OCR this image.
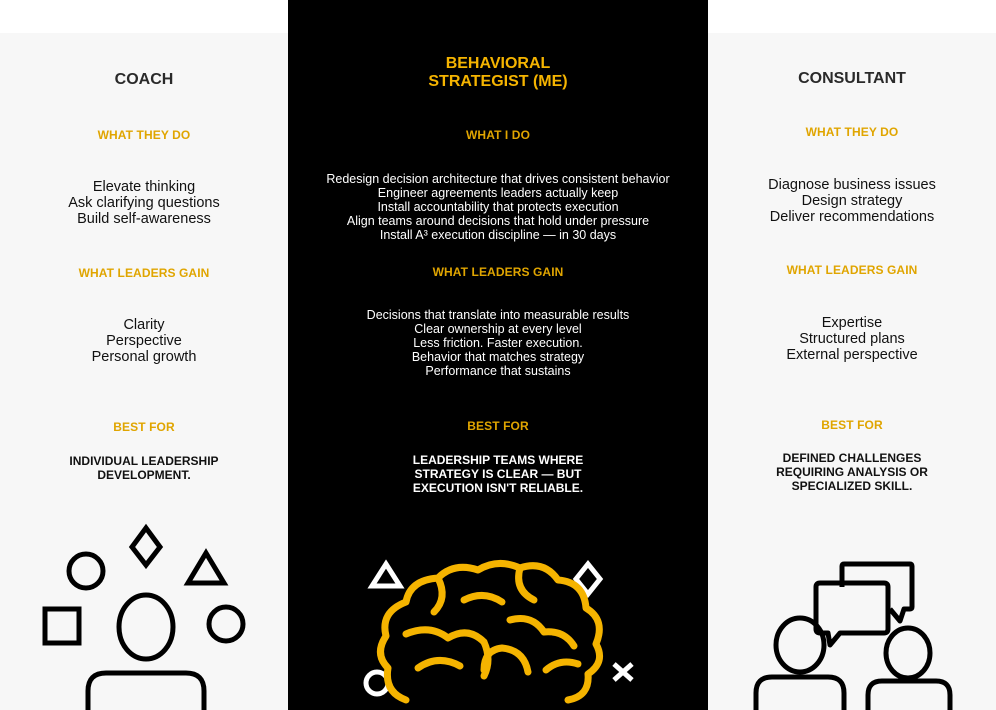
COACH
WHAT THEY DO
Elevate thinking
Ask clarifying questions
Build self-awareness
WHAT LEADERS GAIN
Clarity
Perspective
Personal growth
BEST FOR
INDIVIDUAL LEADERSHIP
DEVELOPMENT.
BEHAVIORAL
STRATEGIST (ME)
WHAT I DO
Redesign decision architecture that drives consistent behavior
Engineer agreements leaders actually keep
Install accountability that protects execution
Align teams around decisions that hold under pressure
Install A³ execution discipline — in 30 days
WHAT LEADERS GAIN
Decisions that translate into measurable results
Clear ownership at every level
Less friction. Faster execution.
Behavior that matches strategy
Performance that sustains
BEST FOR
LEADERSHIP TEAMS WHERE
STRATEGY IS CLEAR — BUT
EXECUTION ISN'T RELIABLE.
CONSULTANT
WHAT THEY DO
Diagnose business issues
Design strategy
Deliver recommendations
WHAT LEADERS GAIN
Expertise
Structured plans
External perspective
BEST FOR
DEFINED CHALLENGES
REQUIRING ANALYSIS OR
SPECIALIZED SKILL.
